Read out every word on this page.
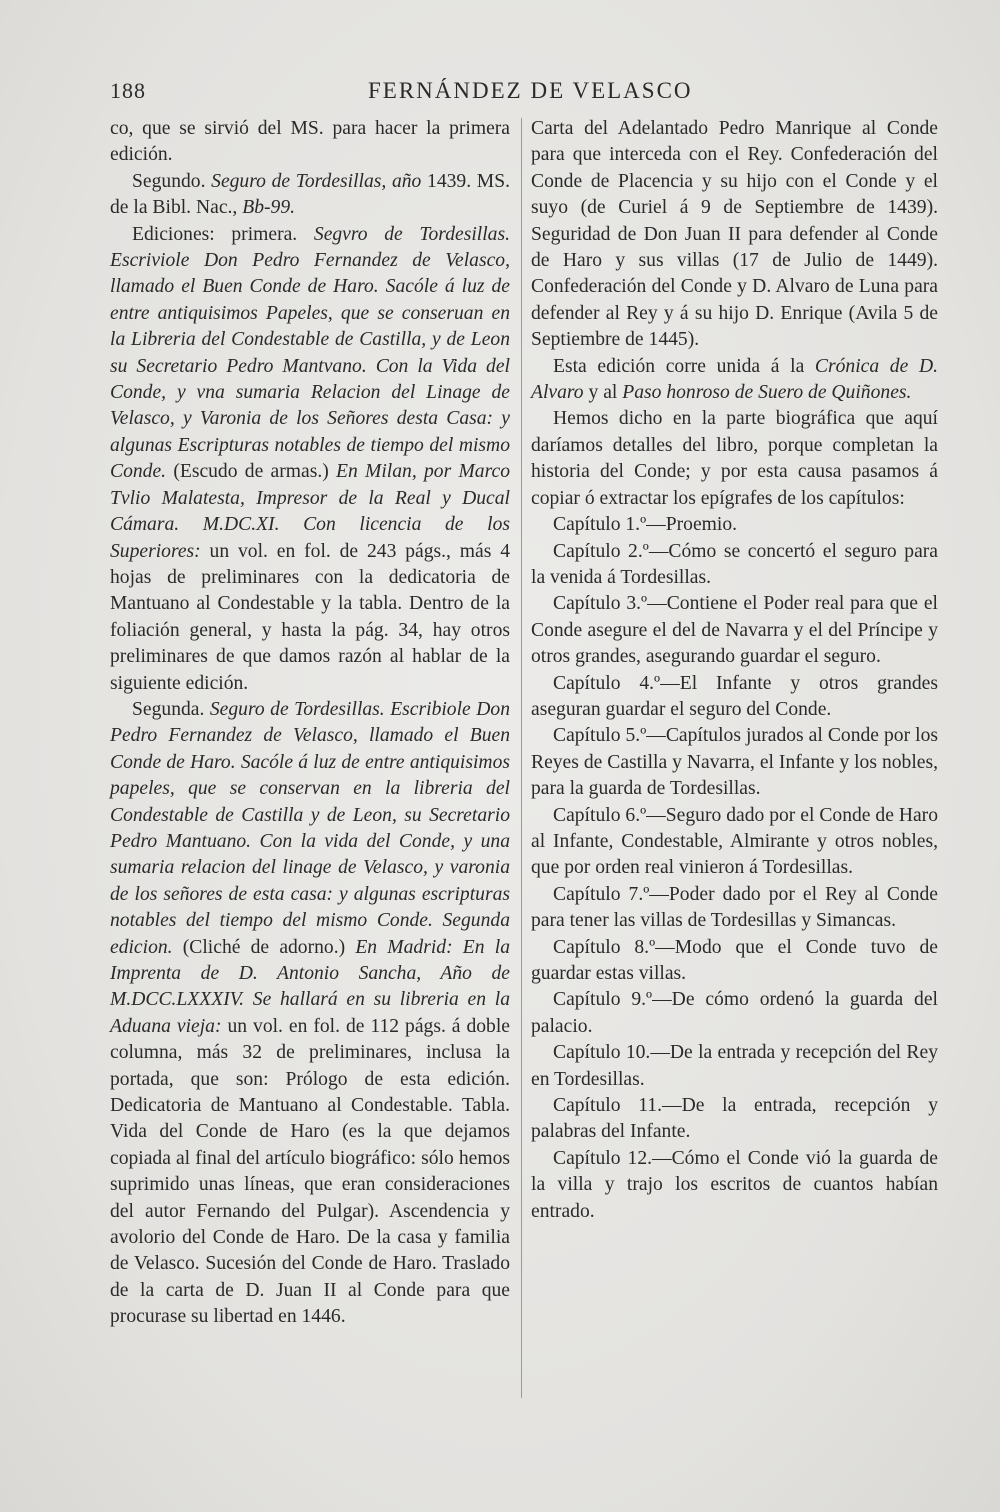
188	FERNÁNDEZ DE VELASCO

co, que se sirvió del MS. para hacer la primera edición.

Segundo. Seguro de Tordesillas, año 1439. MS. de la Bibl. Nac., Bb-99.

Ediciones: primera. Segvro de Tordesillas. Escriviole Don Pedro Fernandez de Velasco, llamado el Buen Conde de Haro. Sacóle á luz de entre antiquisimos Papeles, que se conseruan en la Libreria del Condestable de Castilla, y de Leon su Secretario Pedro Mantvano. Con la Vida del Conde, y vna sumaria Relacion del Linage de Velasco, y Varonia de los Señores desta Casa: y algunas Escripturas notables de tiempo del mismo Conde. (Escudo de armas.) En Milan, por Marco Tvlio Malatesta, Impresor de la Real y Ducal Cámara. M.DC.XI. Con licencia de los Superiores: un vol. en fol. de 243 págs., más 4 hojas de preliminares con la dedicatoria de Mantuano al Condestable y la tabla. Dentro de la foliación general, y hasta la pág. 34, hay otros preliminares de que damos razón al hablar de la siguiente edición.

Segunda. Seguro de Tordesillas. Escribiole Don Pedro Fernandez de Velasco, llamado el Buen Conde de Haro. Sacóle á luz de entre antiquisimos papeles, que se conservan en la libreria del Condestable de Castilla y de Leon, su Secretario Pedro Mantuano. Con la vida del Conde, y una sumaria relacion del linage de Velasco, y varonia de los señores de esta casa: y algunas escripturas notables del tiempo del mismo Conde. Segunda edicion. (Cliché de adorno.) En Madrid: En la Imprenta de D. Antonio Sancha, Año de M.DCC.LXXXIV. Se hallará en su libreria en la Aduana vieja: un vol. en fol. de 112 págs. á doble columna, más 32 de preliminares, inclusa la portada, que son: Prólogo de esta edición. Dedicatoria de Mantuano al Condestable. Tabla. Vida del Conde de Haro (es la que dejamos copiada al final del artículo biográfico: sólo hemos suprimido unas líneas, que eran consideraciones del autor Fernando del Pulgar). Ascendencia y avolorio del Conde de Haro. De la casa y familia de Velasco. Sucesión del Conde de Haro. Traslado de la carta de D. Juan II al Conde para que procurase su libertad en 1446.

Carta del Adelantado Pedro Manrique al Conde para que interceda con el Rey. Confederación del Conde de Placencia y su hijo con el Conde y el suyo (de Curiel á 9 de Septiembre de 1439). Seguridad de Don Juan II para defender al Conde de Haro y sus villas (17 de Julio de 1449). Confederación del Conde y D. Alvaro de Luna para defender al Rey y á su hijo D. Enrique (Avila 5 de Septiembre de 1445).

Esta edición corre unida á la Crónica de D. Alvaro y al Paso honroso de Suero de Quiñones.

Hemos dicho en la parte biográfica que aquí daríamos detalles del libro, porque completan la historia del Conde; y por esta causa pasamos á copiar ó extractar los epígrafes de los capítulos:

Capítulo 1.º—Proemio.

Capítulo 2.º—Cómo se concertó el seguro para la venida á Tordesillas.

Capítulo 3.º—Contiene el Poder real para que el Conde asegure el del de Navarra y el del Príncipe y otros grandes, asegurando guardar el seguro.

Capítulo 4.º—El Infante y otros grandes aseguran guardar el seguro del Conde.

Capítulo 5.º—Capítulos jurados al Conde por los Reyes de Castilla y Navarra, el Infante y los nobles, para la guarda de Tordesillas.

Capítulo 6.º—Seguro dado por el Conde de Haro al Infante, Condestable, Almirante y otros nobles, que por orden real vinieron á Tordesillas.

Capítulo 7.º—Poder dado por el Rey al Conde para tener las villas de Tordesillas y Simancas.

Capítulo 8.º—Modo que el Conde tuvo de guardar estas villas.

Capítulo 9.º—De cómo ordenó la guarda del palacio.

Capítulo 10.—De la entrada y recepción del Rey en Tordesillas.

Capítulo 11.—De la entrada, recepción y palabras del Infante.

Capítulo 12.—Cómo el Conde vió la guarda de la villa y trajo los escritos de cuantos habían entrado.
